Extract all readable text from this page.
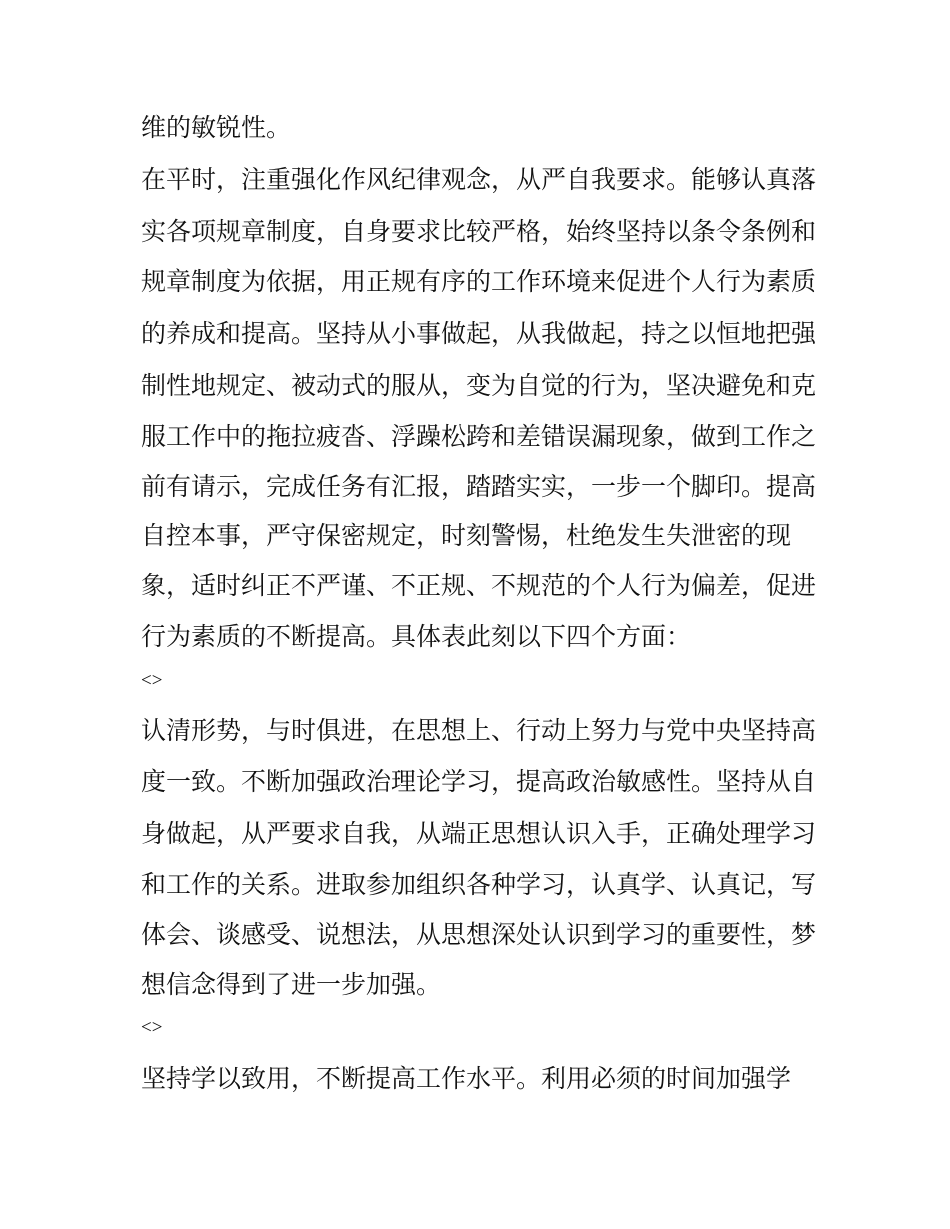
维的敏锐性。
在平时，注重强化作风纪律观念，从严自我要求。能够认真落
实各项规章制度，自身要求比较严格，始终坚持以条令条例和
规章制度为依据，用正规有序的工作环境来促进个人行为素质
的养成和提高。坚持从小事做起，从我做起，持之以恒地把强
制性地规定、被动式的服从，变为自觉的行为，坚决避免和克
服工作中的拖拉疲沓、浮躁松跨和差错误漏现象，做到工作之
前有请示，完成任务有汇报，踏踏实实，一步一个脚印。提高
自控本事，严守保密规定，时刻警惕，杜绝发生失泄密的现
象，适时纠正不严谨、不正规、不规范的个人行为偏差，促进
行为素质的不断提高。具体表此刻以下四个方面：
<>
认清形势，与时俱进，在思想上、行动上努力与党中央坚持高
度一致。不断加强政治理论学习，提高政治敏感性。坚持从自
身做起，从严要求自我，从端正思想认识入手，正确处理学习
和工作的关系。进取参加组织各种学习，认真学、认真记，写
体会、谈感受、说想法，从思想深处认识到学习的重要性，梦
想信念得到了进一步加强。
<>
坚持学以致用，不断提高工作水平。利用必须的时间加强学
